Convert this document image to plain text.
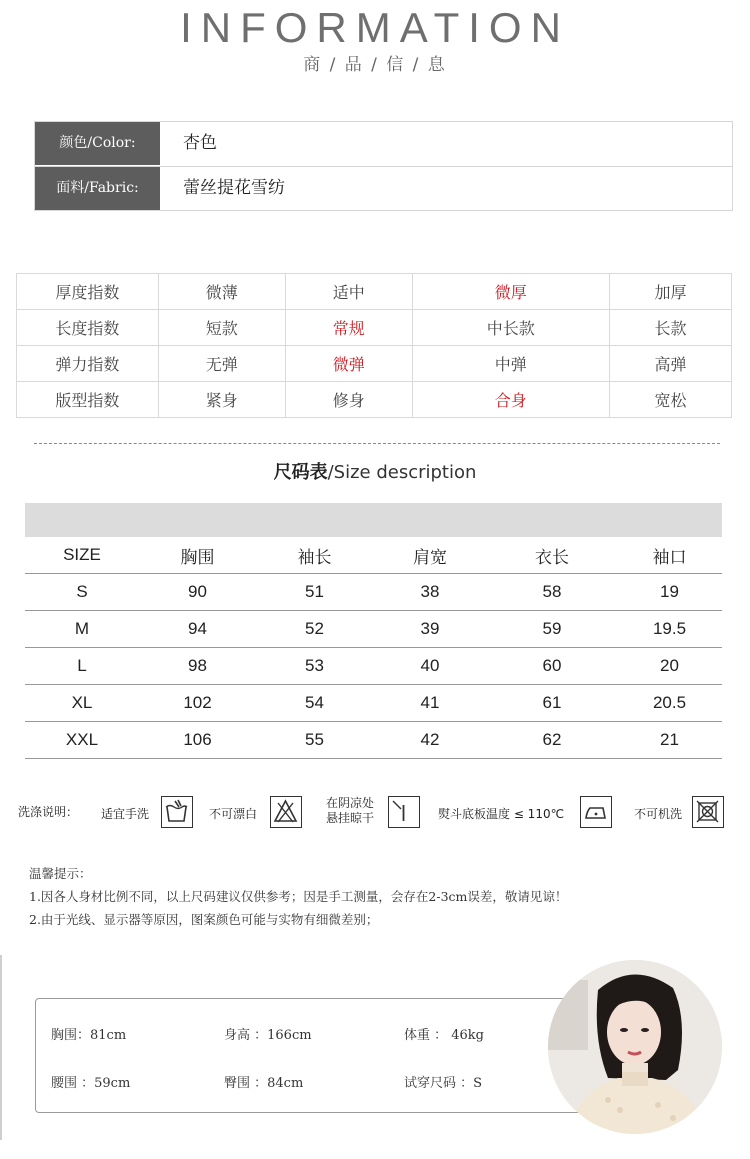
INFORMATION
商 / 品 / 信 / 息
颜色/Color:	杏色
面料/Fabric:	蕾丝提花雪纺
厚度指数	微薄	适中	微厚	加厚
长度指数	短款	常规	中长款	长款
弹力指数	无弹	微弹	中弹	高弹
版型指数	紧身	修身	合身	宽松
尺码表/Size description
SIZE	胸围	袖长	肩宽	衣长	袖口
S	90	51	38	58	19
M	94	52	39	59	19.5
L	98	53	40	60	20
XL	102	54	41	61	20.5
XXL	106	55	42	62	21
洗涤说明： 适宜手洗	不可漂白
在阴凉处
悬挂晾干	熨斗底板温度 ≤ 110℃	不可机洗
温馨提示：
1.因各人身材比例不同，以上尺码建议仅供参考；因是手工测量，会存在2-3cm误差，敬请见谅！
2.由于光线、显示器等原因，图案颜色可能与实物有细微差别；
胸围：81cm	身高 ：166cm	体重 ： 46kg
腰围 ：59cm	臀围 ：84cm	试穿尺码 ：S
